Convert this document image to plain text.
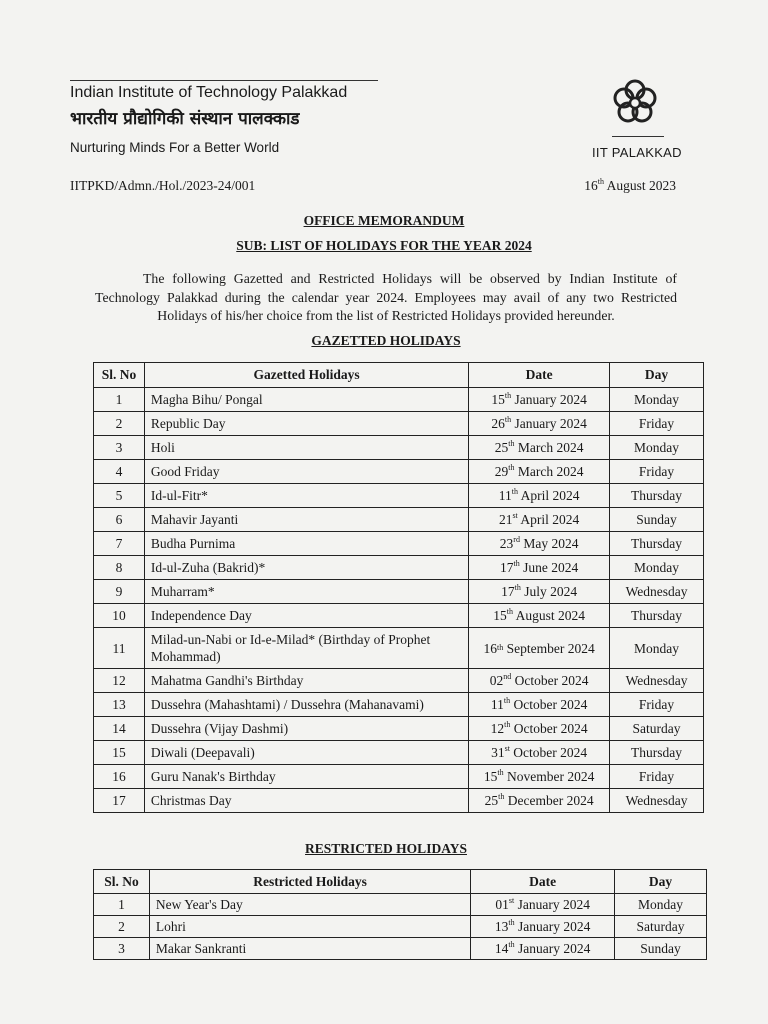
Indian Institute of Technology Palakkad
भारतीय प्रौद्योगिकी संस्थान पालक्काड
Nurturing Minds For a Better World	IIT PALAKKAD
IITPKD/Admn./Hol./2023-24/001	16th August 2023
OFFICE MEMORANDUM
SUB: LIST OF HOLIDAYS FOR THE YEAR 2024
The following Gazetted and Restricted Holidays will be observed by Indian Institute of Technology Palakkad during the calendar year 2024. Employees may avail of any two Restricted Holidays of his/her choice from the list of Restricted Holidays provided hereunder.
GAZETTED HOLIDAYS
Sl. No	Gazetted Holidays	Date	Day
1	Magha Bihu/ Pongal	15th January 2024	Monday
2	Republic Day	26th January 2024	Friday
3	Holi	25th March 2024	Monday
4	Good Friday	29th March 2024	Friday
5	Id-ul-Fitr*	11th April 2024	Thursday
6	Mahavir Jayanti	21st April 2024	Sunday
7	Budha Purnima	23rd May 2024	Thursday
8	Id-ul-Zuha (Bakrid)*	17th June 2024	Monday
9	Muharram*	17th July 2024	Wednesday
10	Independence Day	15th August 2024	Thursday
11	Milad-un-Nabi or Id-e-Milad* (Birthday of Prophet Mohammad)	16th September 2024	Monday
12	Mahatma Gandhi's Birthday	02nd October 2024	Wednesday
13	Dussehra (Mahashtami) / Dussehra (Mahanavami)	11th October 2024	Friday
14	Dussehra (Vijay Dashmi)	12th October 2024	Saturday
15	Diwali (Deepavali)	31st October 2024	Thursday
16	Guru Nanak's Birthday	15th November 2024	Friday
17	Christmas Day	25th December 2024	Wednesday
RESTRICTED HOLIDAYS
Sl. No	Restricted Holidays	Date	Day
1	New Year's Day	01st January 2024	Monday
2	Lohri	13th January 2024	Saturday
3	Makar Sankranti	14th January 2024	Sunday
